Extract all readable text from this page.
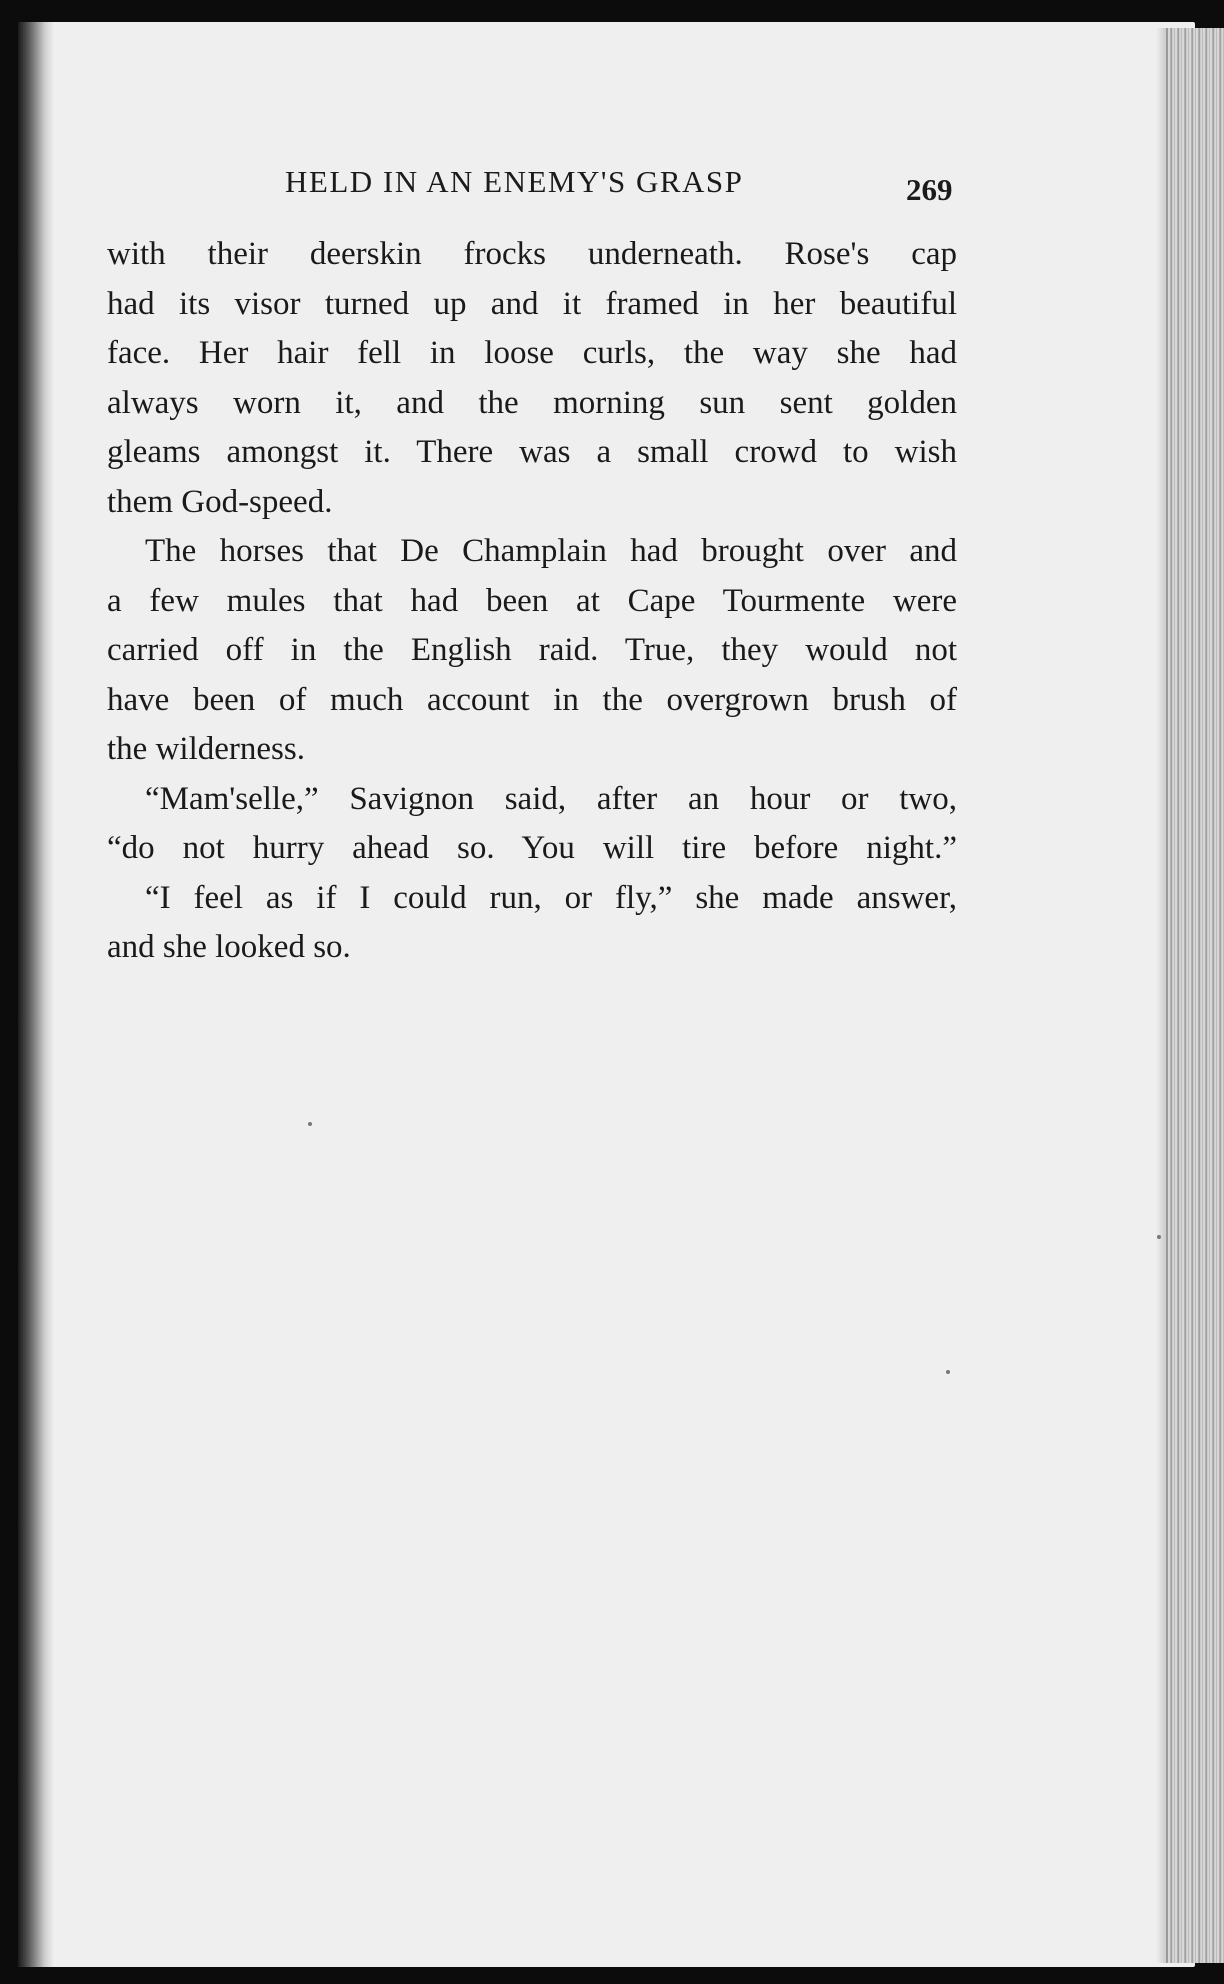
HELD IN AN ENEMY'S GRASP	269

with their deerskin frocks underneath. Rose's cap
had its visor turned up and it framed in her beautiful
face. Her hair fell in loose curls, the way she had
always worn it, and the morning sun sent golden
gleams amongst it. There was a small crowd to wish
them God-speed.

The horses that De Champlain had brought over and
a few mules that had been at Cape Tourmente were
carried off in the English raid. True, they would not
have been of much account in the overgrown brush of
the wilderness.

“Mam'selle,” Savignon said, after an hour or two,
“do not hurry ahead so. You will tire before night.”

“I feel as if I could run, or fly,” she made answer,
and she looked so.
